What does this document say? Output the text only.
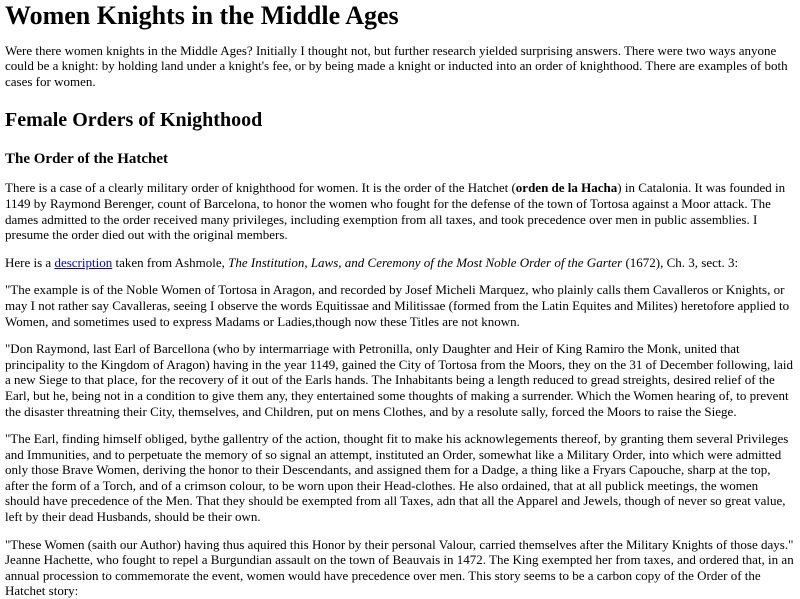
Women Knights in the Middle Ages

Were there women knights in the Middle Ages? Initially I thought not, but further research yielded surprising answers. There were two ways anyone could be a knight: by holding land under a knight's fee, or by being made a knight or inducted into an order of knighthood. There are examples of both cases for women.

Female Orders of Knighthood
The Order of the Hatchet

There is a case of a clearly military order of knighthood for women. It is the order of the Hatchet (orden de la Hacha) in Catalonia. It was founded in 1149 by Raymond Berenger, count of Barcelona, to honor the women who fought for the defense of the town of Tortosa against a Moor attack. The dames admitted to the order received many privileges, including exemption from all taxes, and took precedence over men in public assemblies. I presume the order died out with the original members.

Here is a description taken from Ashmole, The Institution, Laws, and Ceremony of the Most Noble Order of the Garter (1672), Ch. 3, sect. 3:

"The example is of the Noble Women of Tortosa in Aragon, and recorded by Josef Micheli Marquez, who plainly calls them Cavalleros or Knights, or may I not rather say Cavalleras, seeing I observe the words Equitissae and Militissae (formed from the Latin Equites and Milites) heretofore applied to Women, and sometimes used to express Madams or Ladies,though now these Titles are not known.

"Don Raymond, last Earl of Barcellona (who by intermarriage with Petronilla, only Daughter and Heir of King Ramiro the Monk, united that principality to the Kingdom of Aragon) having in the year 1149, gained the City of Tortosa from the Moors, they on the 31 of December following, laid a new Siege to that place, for the recovery of it out of the Earls hands. The Inhabitants being a length reduced to gread streights, desired relief of the Earl, but he, being not in a condition to give them any, they entertained some thoughts of making a surrender. Which the Women hearing of, to prevent the disaster threatning their City, themselves, and Children, put on mens Clothes, and by a resolute sally, forced the Moors to raise the Siege.

"The Earl, finding himself obliged, bythe gallentry of the action, thought fit to make his acknowlegements thereof, by granting them several Privileges and Immunities, and to perpetuate the memory of so signal an attempt, instituted an Order, somewhat like a Military Order, into which were admitted only those Brave Women, deriving the honor to their Descendants, and assigned them for a Dadge, a thing like a Fryars Capouche, sharp at the top, after the form of a Torch, and of a crimson colour, to be worn upon their Head-clothes. He also ordained, that at all publick meetings, the women should have precedence of the Men. That they should be exempted from all Taxes, adn that all the Apparel and Jewels, though of never so great value, left by their dead Husbands, should be their own.

"These Women (saith our Author) having thus aquired this Honor by their personal Valour, carried themselves after the Military Knights of those days." Jeanne Hachette, who fought to repel a Burgundian assault on the town of Beauvais in 1472. The King exempted her from taxes, and ordered that, in an annual procession to commemorate the event, women would have precedence over men. This story seems to be a carbon copy of the Order of the Hatchet story:
